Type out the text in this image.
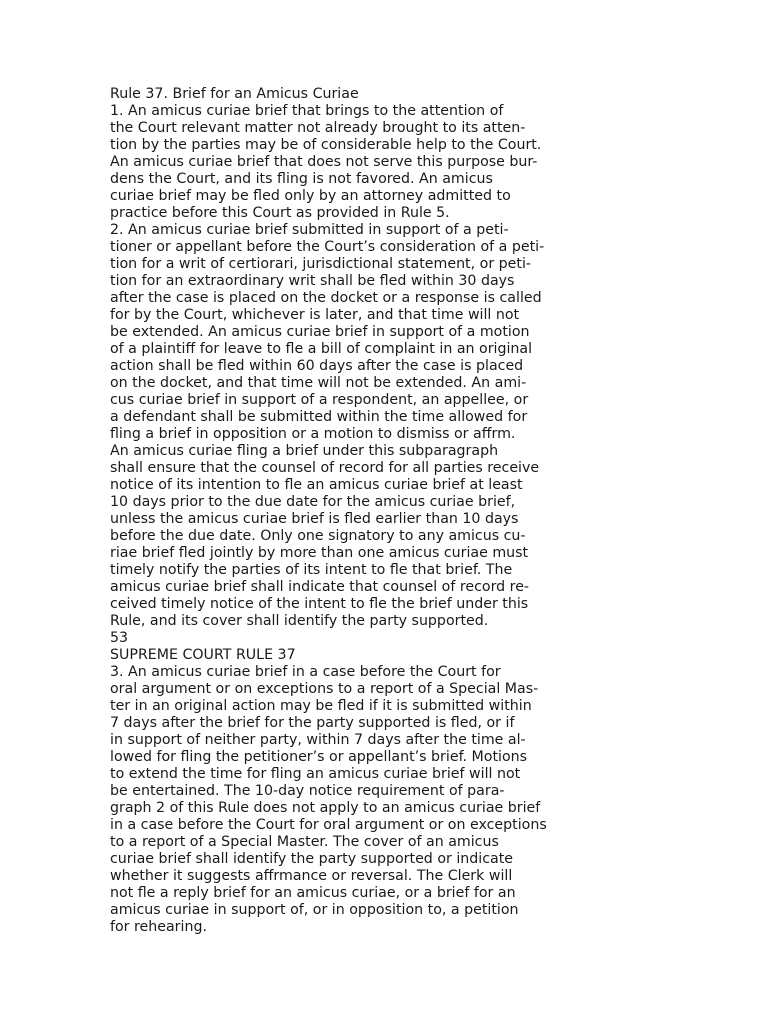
Rule 37. Brief for an Amicus Curiae
1. An amicus curiae brief that brings to the attention of
the Court relevant matter not already brought to its atten-
tion by the parties may be of considerable help to the Court.
An amicus curiae brief that does not serve this purpose bur-
dens the Court, and its fling is not favored. An amicus
curiae brief may be fled only by an attorney admitted to
practice before this Court as provided in Rule 5.
2. An amicus curiae brief submitted in support of a peti-
tioner or appellant before the Court’s consideration of a peti-
tion for a writ of certiorari, jurisdictional statement, or peti-
tion for an extraordinary writ shall be fled within 30 days
after the case is placed on the docket or a response is called
for by the Court, whichever is later, and that time will not
be extended. An amicus curiae brief in support of a motion
of a plaintiff for leave to fle a bill of complaint in an original
action shall be fled within 60 days after the case is placed
on the docket, and that time will not be extended. An ami-
cus curiae brief in support of a respondent, an appellee, or
a defendant shall be submitted within the time allowed for
fling a brief in opposition or a motion to dismiss or affrm.
An amicus curiae fling a brief under this subparagraph
shall ensure that the counsel of record for all parties receive
notice of its intention to fle an amicus curiae brief at least
10 days prior to the due date for the amicus curiae brief,
unless the amicus curiae brief is fled earlier than 10 days
before the due date. Only one signatory to any amicus cu-
riae brief fled jointly by more than one amicus curiae must
timely notify the parties of its intent to fle that brief. The
amicus curiae brief shall indicate that counsel of record re-
ceived timely notice of the intent to fle the brief under this
Rule, and its cover shall identify the party supported.
53
SUPREME COURT RULE 37
3. An amicus curiae brief in a case before the Court for
oral argument or on exceptions to a report of a Special Mas-
ter in an original action may be fled if it is submitted within
7 days after the brief for the party supported is fled, or if
in support of neither party, within 7 days after the time al-
lowed for fling the petitioner’s or appellant’s brief. Motions
to extend the time for fling an amicus curiae brief will not
be entertained. The 10-day notice requirement of para-
graph 2 of this Rule does not apply to an amicus curiae brief
in a case before the Court for oral argument or on exceptions
to a report of a Special Master. The cover of an amicus
curiae brief shall identify the party supported or indicate
whether it suggests affrmance or reversal. The Clerk will
not fle a reply brief for an amicus curiae, or a brief for an
amicus curiae in support of, or in opposition to, a petition
for rehearing.
